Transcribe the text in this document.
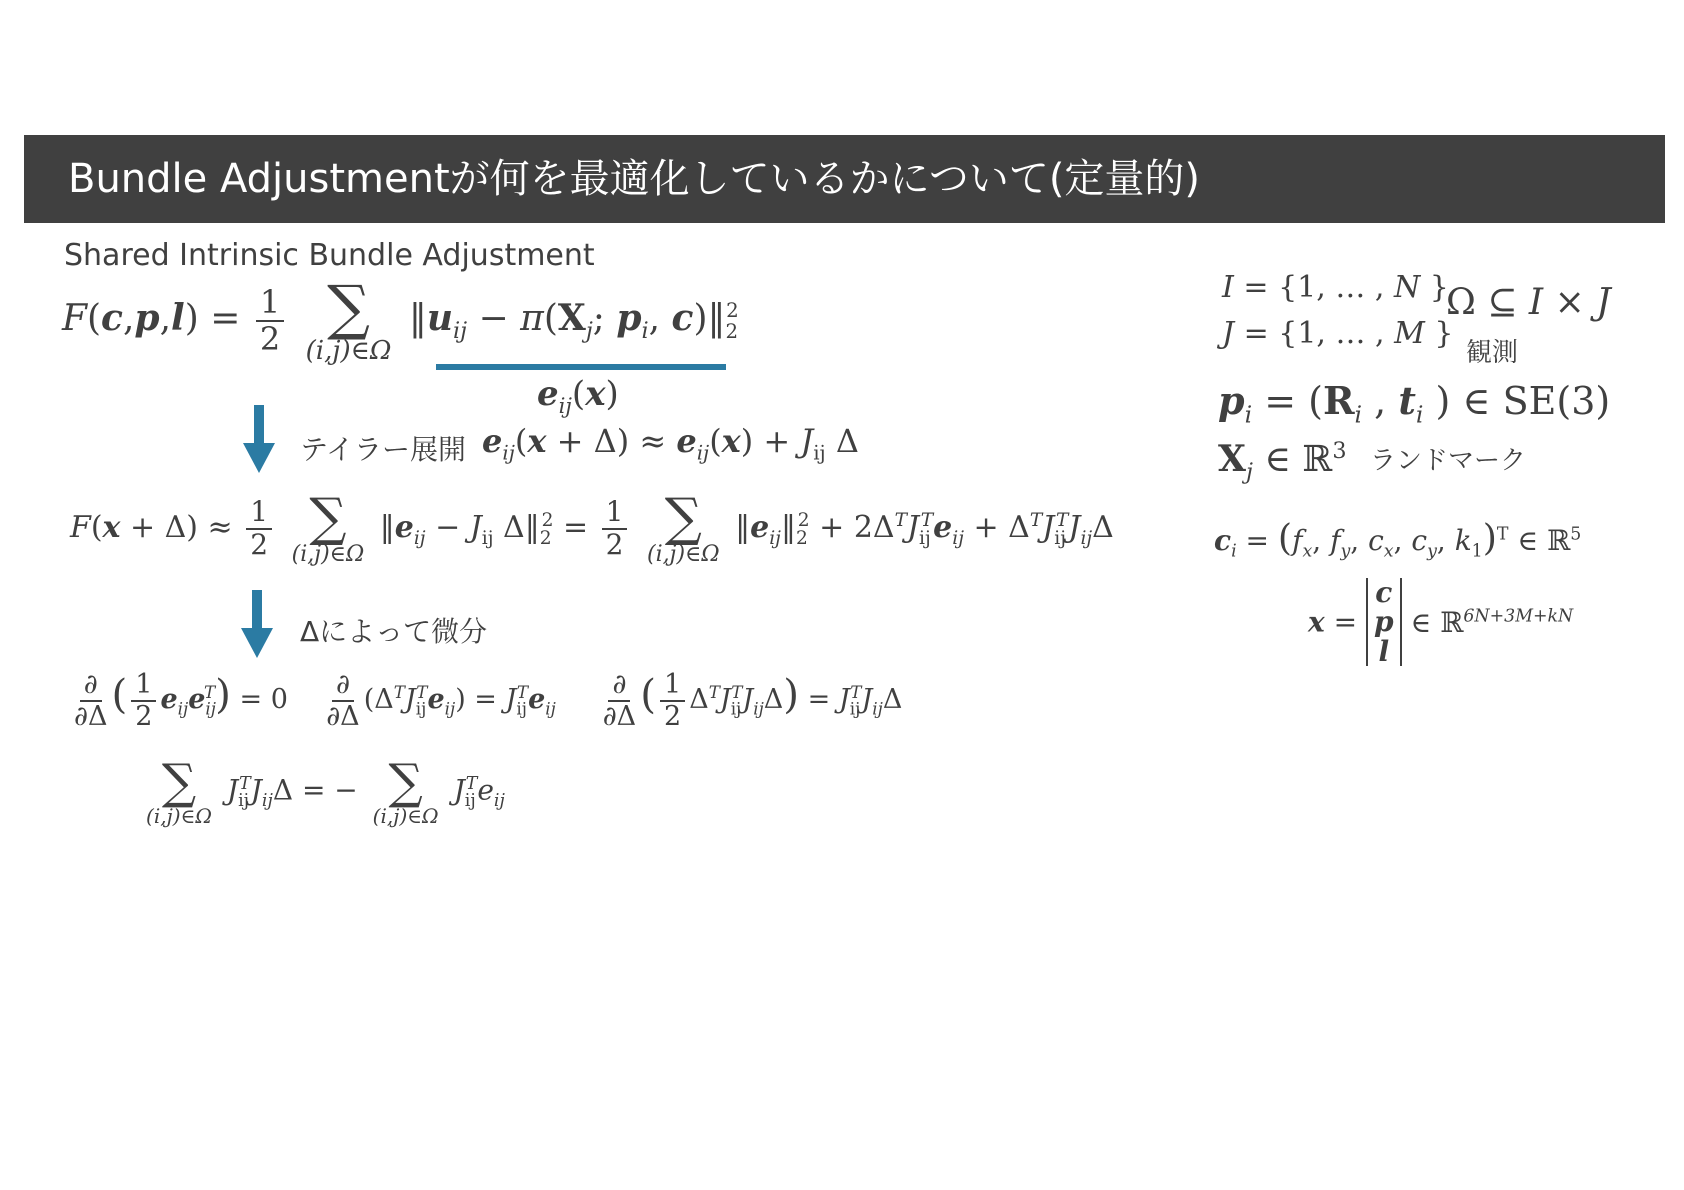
Bundle Adjustmentが何を最適化しているかについて(定量的)
Shared Intrinsic Bundle Adjustment
$F(c,p,l) = \frac{1}{2}$
∑
(i,j)∈Ω
$‖u_{ij} - \pi(X_j$; $p_i$, $c)‖_2^2$
$e_{ij}(x)$
テイラー展開 $e_{ij}(x + \Delta) \approx e_{ij}(x) + J_{ij}$ Δ
$F(x + \Delta) \approx \frac{1}{2}$
∑
(i,j)∈Ω
$‖e_{ij} - J_{ij}$ $\Delta‖_2^2 = \frac{1}{2}$
∑
(i,j)∈Ω
$‖e_{ij}‖_2^2 + 2\Delta^TJ_{ij}^Te_{ij} + \Delta^TJ_{ij}^TJ_{ij}\Delta$
Δによって微分
$\frac{\partial}{\partial\Delta}$ ( $\frac{1}{2} e_{ij}e_{ij}^T) = 0 \frac{\partial}{\partial\Delta} (\Delta^TJ_{ij}^Te_{ij}) = J_{ij}^Te_{ij} \frac{\partial}{\partial\Delta}$ ( $\frac{1}{2} \Delta^TJ_{ij}^TJ_{ij}\Delta) = J_{ij}^TJ_{ij}\Delta$
∑
(i,j)∈Ω
$J_{ij}^TJ_{ij}\Delta$ = − ∑
(i,j)∈Ω
$J_{ij}^Te_{ij}$
I = {1, … , N }
J = {1, … , M }
Ω ⊆ I × J
観測
$p_i = (R_i$ , $t_i$ ) ∈ SE(3)
$X_j$ ∈ ℝ$^3$ ランドマーク
$c_i = (f_x$, $f_y$, $c_x$, $c_y$, $k_1)^T$ ∈ ℝ$^5$
x =
c
p
l
∈ ℝ$^{6N+3M+kN}$
